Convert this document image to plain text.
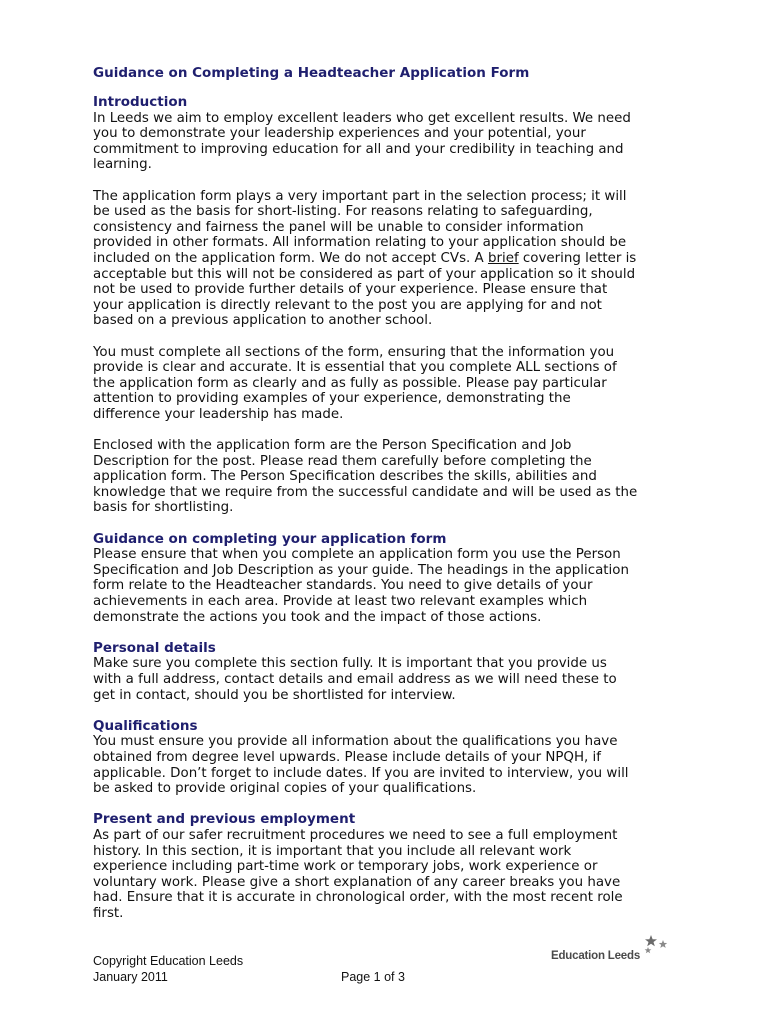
Guidance on Completing a Headteacher Application Form
Introduction

In Leeds we aim to employ excellent leaders who get excellent results. We need
you to demonstrate your leadership experiences and your potential, your
commitment to improving education for all and your credibility in teaching and
learning.

The application form plays a very important part in the selection process; it will
be used as the basis for short-listing. For reasons relating to safeguarding,
consistency and fairness the panel will be unable to consider information
provided in other formats. All information relating to your application should be
included on the application form. We do not accept CVs. A brief covering letter is
acceptable but this will not be considered as part of your application so it should
not be used to provide further details of your experience. Please ensure that
your application is directly relevant to the post you are applying for and not
based on a previous application to another school.

You must complete all sections of the form, ensuring that the information you
provide is clear and accurate. It is essential that you complete ALL sections of
the application form as clearly and as fully as possible. Please pay particular
attention to providing examples of your experience, demonstrating the
difference your leadership has made.

Enclosed with the application form are the Person Specification and Job
Description for the post. Please read them carefully before completing the
application form. The Person Specification describes the skills, abilities and
knowledge that we require from the successful candidate and will be used as the
basis for shortlisting.

Guidance on completing your application form

Please ensure that when you complete an application form you use the Person
Specification and Job Description as your guide. The headings in the application
form relate to the Headteacher standards. You need to give details of your
achievements in each area. Provide at least two relevant examples which
demonstrate the actions you took and the impact of those actions.

Personal details

Make sure you complete this section fully. It is important that you provide us
with a full address, contact details and email address as we will need these to
get in contact, should you be shortlisted for interview.

Qualifications

You must ensure you provide all information about the qualifications you have
obtained from degree level upwards. Please include details of your NPQH, if
applicable. Don’t forget to include dates. If you are invited to interview, you will
be asked to provide original copies of your qualifications.

Present and previous employment

As part of our safer recruitment procedures we need to see a full employment
history. In this section, it is important that you include all relevant work
experience including part-time work or temporary jobs, work experience or
voluntary work. Please give a short explanation of any career breaks you have
had. Ensure that it is accurate in chronological order, with the most recent role
first.

Copyright Education Leeds
January 2011	Page 1 of 3
Education Leeds
